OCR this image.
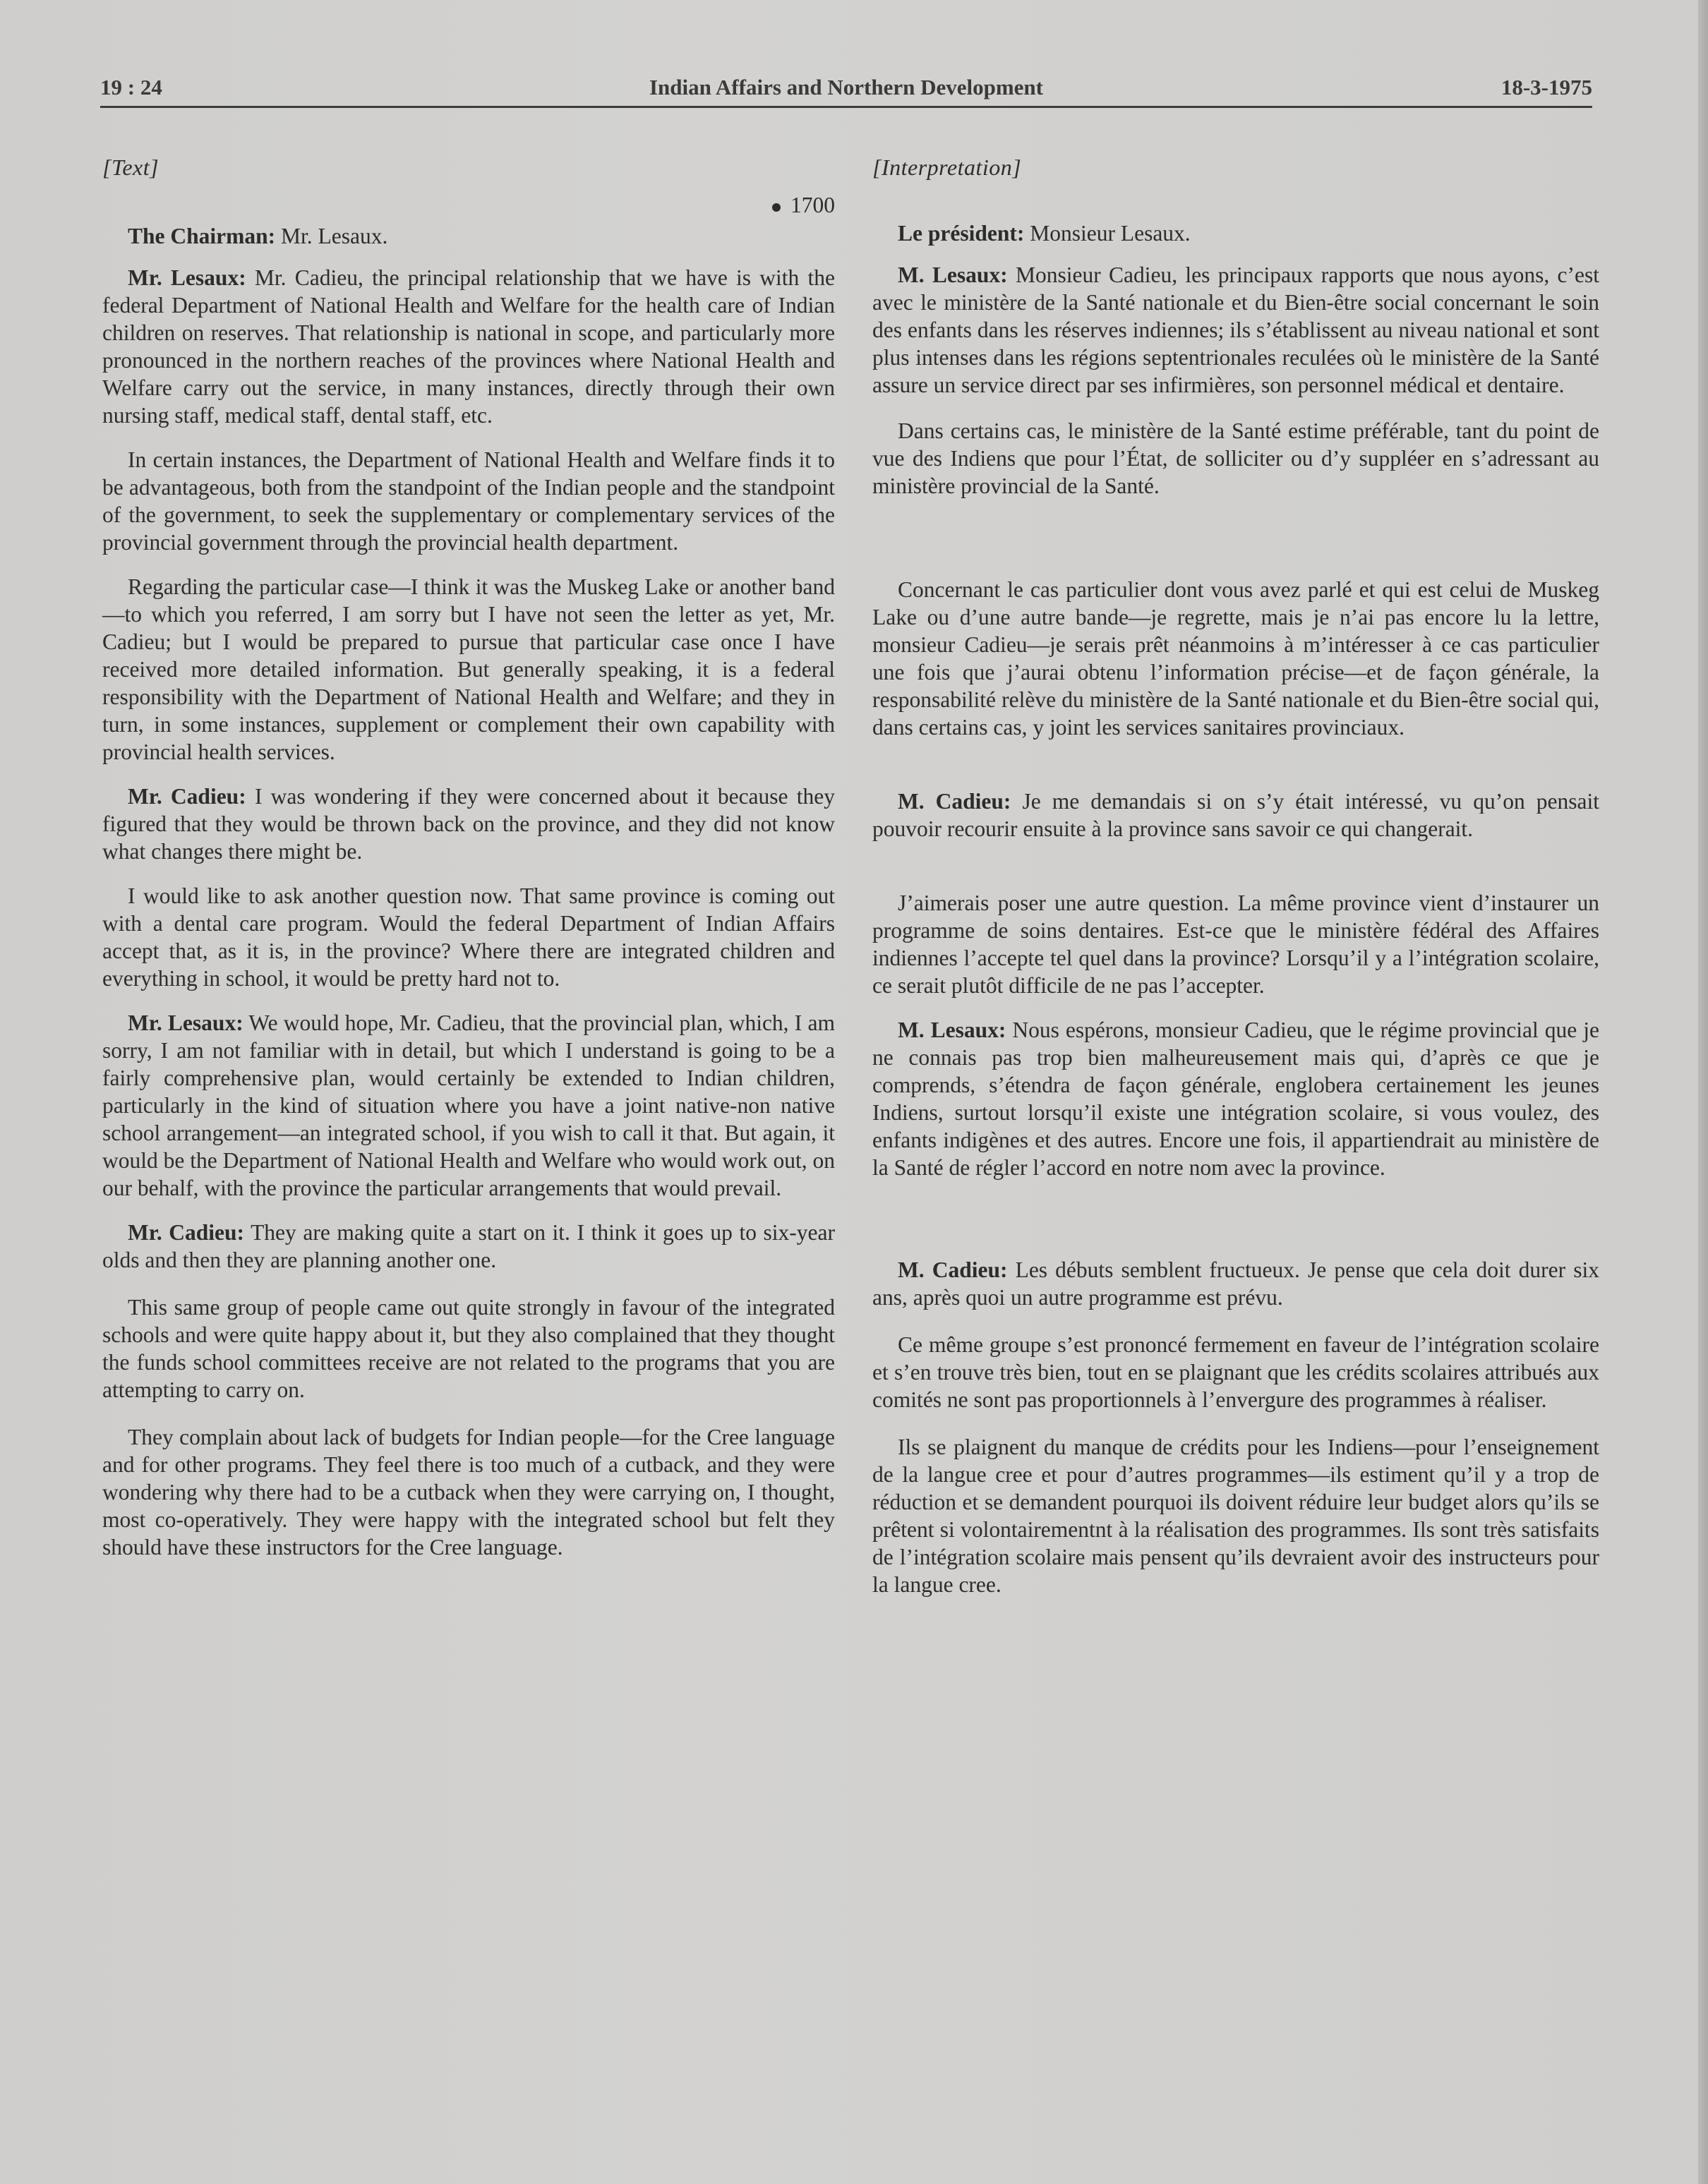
19 : 24	Indian Affairs and Northern Development	18-3-1975
[Text]
1700

The Chairman: Mr. Lesaux.

Mr. Lesaux: Mr. Cadieu, the principal relationship that we have is with the federal Department of National Health and Welfare for the health care of Indian children on reserves. That relationship is national in scope, and particularly more pronounced in the northern reaches of the provinces where National Health and Welfare carry out the service, in many instances, directly through their own nursing staff, medical staff, dental staff, etc.

In certain instances, the Department of National Health and Welfare finds it to be advantageous, both from the standpoint of the Indian people and the standpoint of the government, to seek the supplementary or complementary services of the provincial government through the provincial health department.

Regarding the particular case—I think it was the Muskeg Lake or another band—to which you referred, I am sorry but I have not seen the letter as yet, Mr. Cadieu; but I would be prepared to pursue that particular case once I have received more detailed information. But generally speaking, it is a federal responsibility with the Department of National Health and Welfare; and they in turn, in some instances, supplement or complement their own capability with provincial health services.

Mr. Cadieu: I was wondering if they were concerned about it because they figured that they would be thrown back on the province, and they did not know what changes there might be.

I would like to ask another question now. That same province is coming out with a dental care program. Would the federal Department of Indian Affairs accept that, as it is, in the province? Where there are integrated children and everything in school, it would be pretty hard not to.

Mr. Lesaux: We would hope, Mr. Cadieu, that the provincial plan, which, I am sorry, I am not familiar with in detail, but which I understand is going to be a fairly comprehensive plan, would certainly be extended to Indian children, particularly in the kind of situation where you have a joint native-non native school arrangement—an integrated school, if you wish to call it that. But again, it would be the Department of National Health and Welfare who would work out, on our behalf, with the province the particular arrangements that would prevail.

Mr. Cadieu: They are making quite a start on it. I think it goes up to six-year olds and then they are planning another one.

This same group of people came out quite strongly in favour of the integrated schools and were quite happy about it, but they also complained that they thought the funds school committees receive are not related to the programs that you are attempting to carry on.

They complain about lack of budgets for Indian people—for the Cree language and for other programs. They feel there is too much of a cutback, and they were wondering why there had to be a cutback when they were carrying on, I thought, most co-operatively. They were happy with the integrated school but felt they should have these instructors for the Cree language.

[Interpretation]

Le président: Monsieur Lesaux.

M. Lesaux: Monsieur Cadieu, les principaux rapports que nous ayons, c’est avec le ministère de la Santé nationale et du Bien-être social concernant le soin des enfants dans les réserves indiennes; ils s’établissent au niveau national et sont plus intenses dans les régions septentrionales reculées où le ministère de la Santé assure un service direct par ses infirmières, son personnel médical et dentaire.

Dans certains cas, le ministère de la Santé estime préférable, tant du point de vue des Indiens que pour l’État, de solliciter ou d’y suppléer en s’adressant au ministère provincial de la Santé.

Concernant le cas particulier dont vous avez parlé et qui est celui de Muskeg Lake ou d’une autre bande—je regrette, mais je n’ai pas encore lu la lettre, monsieur Cadieu—je serais prêt néanmoins à m’intéresser à ce cas particulier une fois que j’aurai obtenu l’information précise—et de façon générale, la responsabilité relève du ministère de la Santé nationale et du Bien-être social qui, dans certains cas, y joint les services sanitaires provinciaux.

M. Cadieu: Je me demandais si on s’y était intéressé, vu qu’on pensait pouvoir recourir ensuite à la province sans savoir ce qui changerait.

J’aimerais poser une autre question. La même province vient d’instaurer un programme de soins dentaires. Est-ce que le ministère fédéral des Affaires indiennes l’accepte tel quel dans la province? Lorsqu’il y a l’intégration scolaire, ce serait plutôt difficile de ne pas l’accepter.

M. Lesaux: Nous espérons, monsieur Cadieu, que le régime provincial que je ne connais pas trop bien malheureusement mais qui, d’après ce que je comprends, s’étendra de façon générale, englobera certainement les jeunes Indiens, surtout lorsqu’il existe une intégration scolaire, si vous voulez, des enfants indigènes et des autres. Encore une fois, il appartiendrait au ministère de la Santé de régler l’accord en notre nom avec la province.

M. Cadieu: Les débuts semblent fructueux. Je pense que cela doit durer six ans, après quoi un autre programme est prévu.

Ce même groupe s’est prononcé fermement en faveur de l’intégration scolaire et s’en trouve très bien, tout en se plaignant que les crédits scolaires attribués aux comités ne sont pas proportionnels à l’envergure des programmes à réaliser.

Ils se plaignent du manque de crédits pour les Indiens—pour l’enseignement de la langue cree et pour d’autres programmes—ils estiment qu’il y a trop de réduction et se demandent pourquoi ils doivent réduire leur budget alors qu’ils se prêtent si volontairementnt à la réalisation des programmes. Ils sont très satisfaits de l’intégration scolaire mais pensent qu’ils devraient avoir des instructeurs pour la langue cree.
